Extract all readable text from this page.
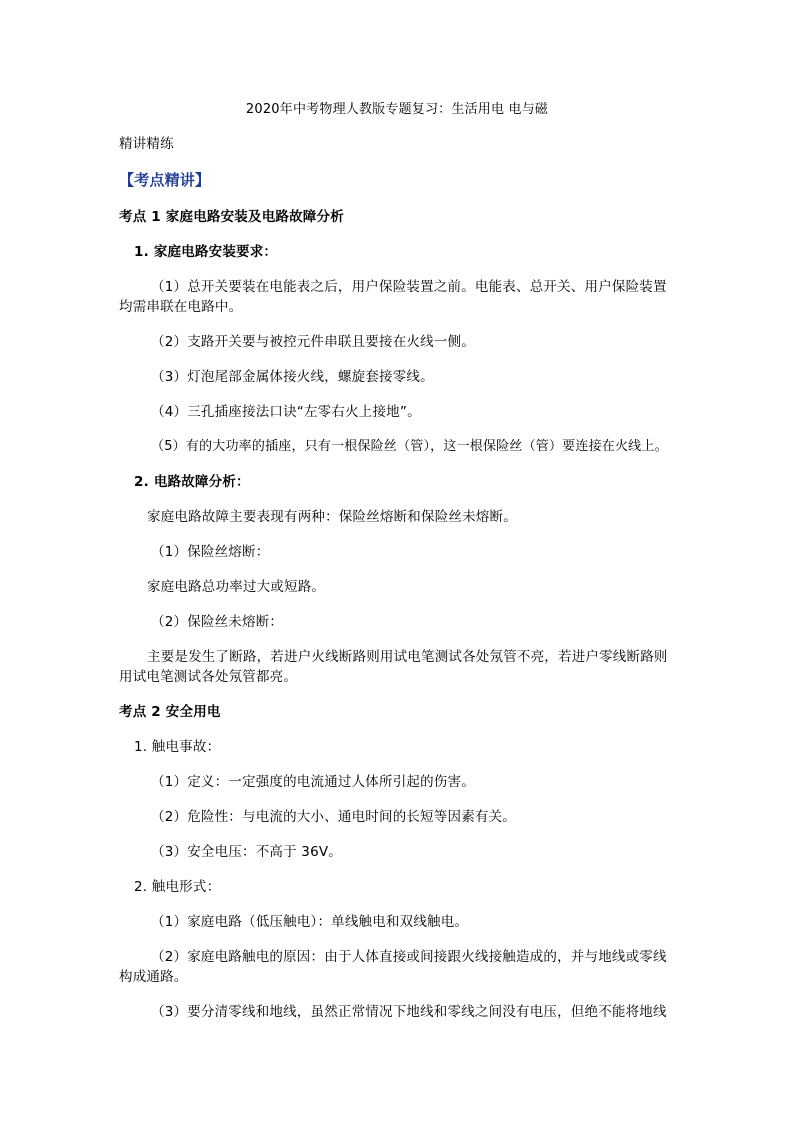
2020年中考物理人教版专题复习：生活用电 电与磁
精讲精练
【考点精讲】
考点 1 家庭电路安装及电路故障分析
1. 家庭电路安装要求：
（1）总开关要装在电能表之后，用户保险装置之前。电能表、总开关、用户保险装置
均需串联在电路中。
（2）支路开关要与被控元件串联且要接在火线一侧。
（3）灯泡尾部金属体接火线，螺旋套接零线。
（4）三孔插座接法口诀“左零右火上接地”。
（5）有的大功率的插座，只有一根保险丝（管），这一根保险丝（管）要连接在火线上。
2. 电路故障分析：
家庭电路故障主要表现有两种：保险丝熔断和保险丝未熔断。
（1）保险丝熔断：
家庭电路总功率过大或短路。
（2）保险丝未熔断：
主要是发生了断路，若进户火线断路则用试电笔测试各处氖管不亮，若进户零线断路则
用试电笔测试各处氖管都亮。
考点 2 安全用电
1. 触电事故：
（1）定义：一定强度的电流通过人体所引起的伤害。
（2）危险性：与电流的大小、通电时间的长短等因素有关。
（3）安全电压：不高于 36V。
2. 触电形式：
（1）家庭电路（低压触电）：单线触电和双线触电。
（2）家庭电路触电的原因：由于人体直接或间接跟火线接触造成的，并与地线或零线
构成通路。
（3）要分清零线和地线，虽然正常情况下地线和零线之间没有电压，但绝不能将地线
